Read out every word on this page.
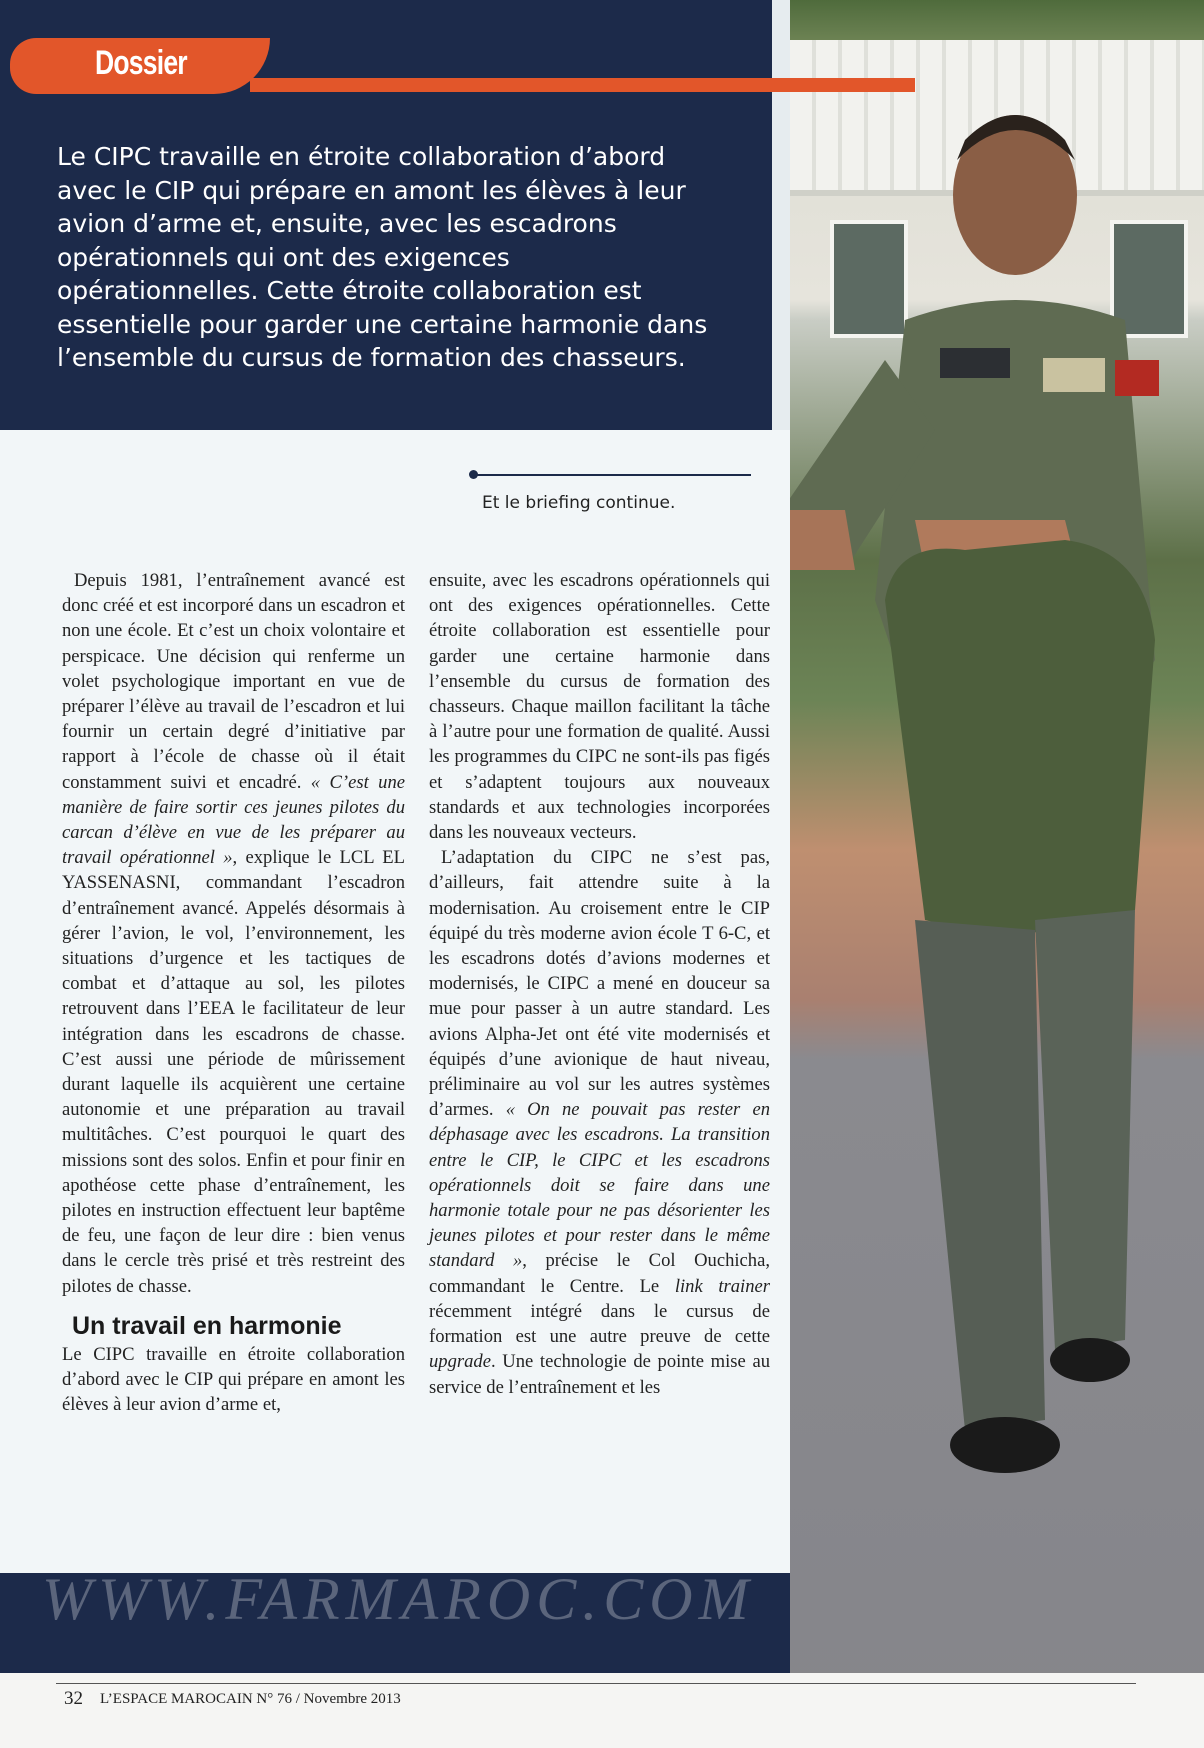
Dossier

Le CIPC travaille en étroite collaboration d’abord avec le CIP qui prépare en amont les élèves à leur avion d’arme et, ensuite, avec les escadrons opérationnels qui ont des exigences opérationnelles. Cette étroite collaboration est essentielle pour garder une certaine harmonie dans l’ensemble du cursus de formation des chasseurs.

Et le briefing continue.

Depuis 1981, l’entraînement avancé est donc créé et est incorporé dans un escadron et non une école. Et c’est un choix volontaire et perspicace. Une décision qui renferme un volet psychologique important en vue de préparer l’élève au travail de l’escadron et lui fournir un certain degré d’initiative par rapport à l’école de chasse où il était constamment suivi et encadré. « C’est une manière de faire sortir ces jeunes pilotes du carcan d’élève en vue de les préparer au travail opérationnel », explique le LCL EL YASSENASNI, commandant l’escadron d’entraînement avancé. Appelés désormais à gérer l’avion, le vol, l’environnement, les situations d’urgence et les tactiques de combat et d’attaque au sol, les pilotes retrouvent dans l’EEA le facilitateur de leur intégration dans les escadrons de chasse. C’est aussi une période de mûrissement durant laquelle ils acquièrent une certaine autonomie et une préparation au travail multitâches. C’est pourquoi le quart des missions sont des solos. Enfin et pour finir en apothéose cette phase d’entraînement, les pilotes en instruction effectuent leur baptême de feu, une façon de leur dire : bien venus dans le cercle très prisé et très restreint des pilotes de chasse.

Un travail en harmonie

Le CIPC travaille en étroite collaboration d’abord avec le CIP qui prépare en amont les élèves à leur avion d’arme et,

ensuite, avec les escadrons opérationnels qui ont des exigences opérationnelles. Cette étroite collaboration est essentielle pour garder une certaine harmonie dans l’ensemble du cursus de formation des chasseurs. Chaque maillon facilitant la tâche à l’autre pour une formation de qualité. Aussi les programmes du CIPC ne sont-ils pas figés et s’adaptent toujours aux nouveaux standards et aux technologies incorporées dans les nouveaux vecteurs.

L’adaptation du CIPC ne s’est pas, d’ailleurs, fait attendre suite à la modernisation. Au croisement entre le CIP équipé du très moderne avion école T 6-C, et les escadrons dotés d’avions modernes et modernisés, le CIPC a mené en douceur sa mue pour passer à un autre standard. Les avions Alpha-Jet ont été vite modernisés et équipés d’une avionique de haut niveau, préliminaire au vol sur les autres systèmes d’armes. « On ne pouvait pas rester en déphasage avec les escadrons. La transition entre le CIP, le CIPC et les escadrons opérationnels doit se faire dans une harmonie totale pour ne pas désorienter les jeunes pilotes et pour rester dans le même standard », précise le Col Ouchicha, commandant le Centre. Le link trainer récemment intégré dans le cursus de formation est une autre preuve de cette upgrade. Une technologie de pointe mise au service de l’entraînement et les

WWW.FARMAROC.COM

32 L’ESPACE MAROCAIN N° 76 / Novembre 2013
